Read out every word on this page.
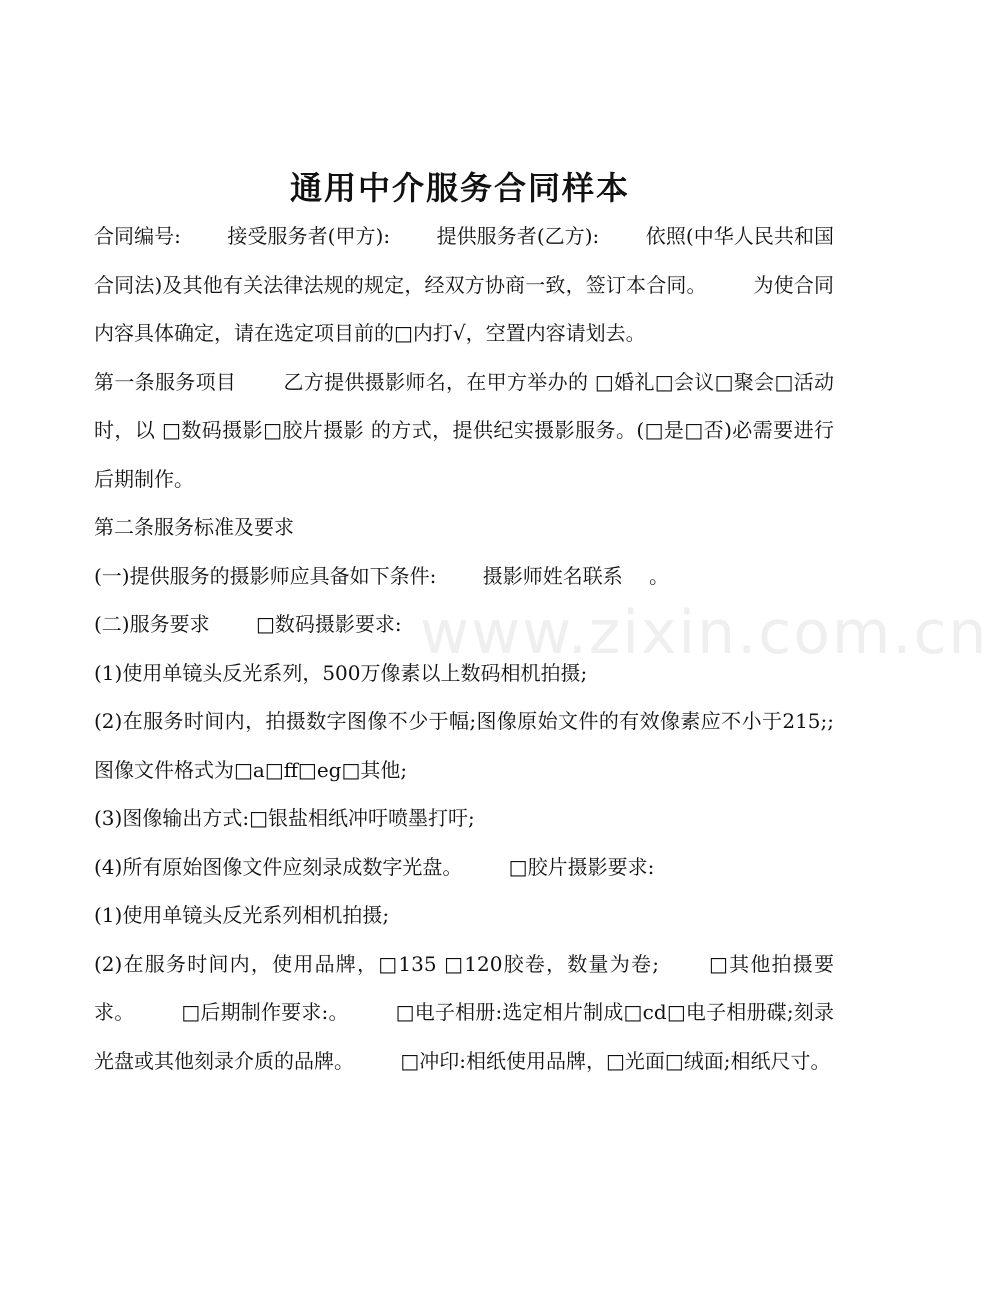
通用中介服务合同样本
www.zixin.com.cn

合同编号: 　　接受服务者(甲方): 　　提供服务者(乙方): 　　依照(中华人民共和国合同法)及其他有关法律法规的规定，经双方协商一致，签订本合同。 　　为使合同内容具体确定，请在选定项目前的□内打√，空置内容请划去。

第一条服务项目 　　乙方提供摄影师名，在甲方举办的 □婚礼□会议□聚会□活动时，以 □数码摄影□胶片摄影 的方式，提供纪实摄影服务。(□是□否)必需要进行后期制作。

第二条服务标准及要求

(一)提供服务的摄影师应具备如下条件: 　　摄影师姓名联系 　。

(二)服务要求 　　□数码摄影要求:

(1)使用单镜头反光系列，500万像素以上数码相机拍摄;

(2)在服务时间内，拍摄数字图像不少于幅;图像原始文件的有效像素应不小于215;;图像文件格式为□a□ff□eg□其他;

(3)图像输出方式:□银盐相纸冲吁喷墨打吁;

(4)所有原始图像文件应刻录成数字光盘。 　　□胶片摄影要求:

(1)使用单镜头反光系列相机拍摄;

(2)在服务时间内，使用品牌，□135 □120胶卷，数量为卷; 　　□其他拍摄要求。 　　□后期制作要求:。 　　□电子相册:选定相片制成□cd□电子相册碟;刻录光盘或其他刻录介质的品牌。 　　□冲印:相纸使用品牌，□光面□绒面;相纸尺寸。
